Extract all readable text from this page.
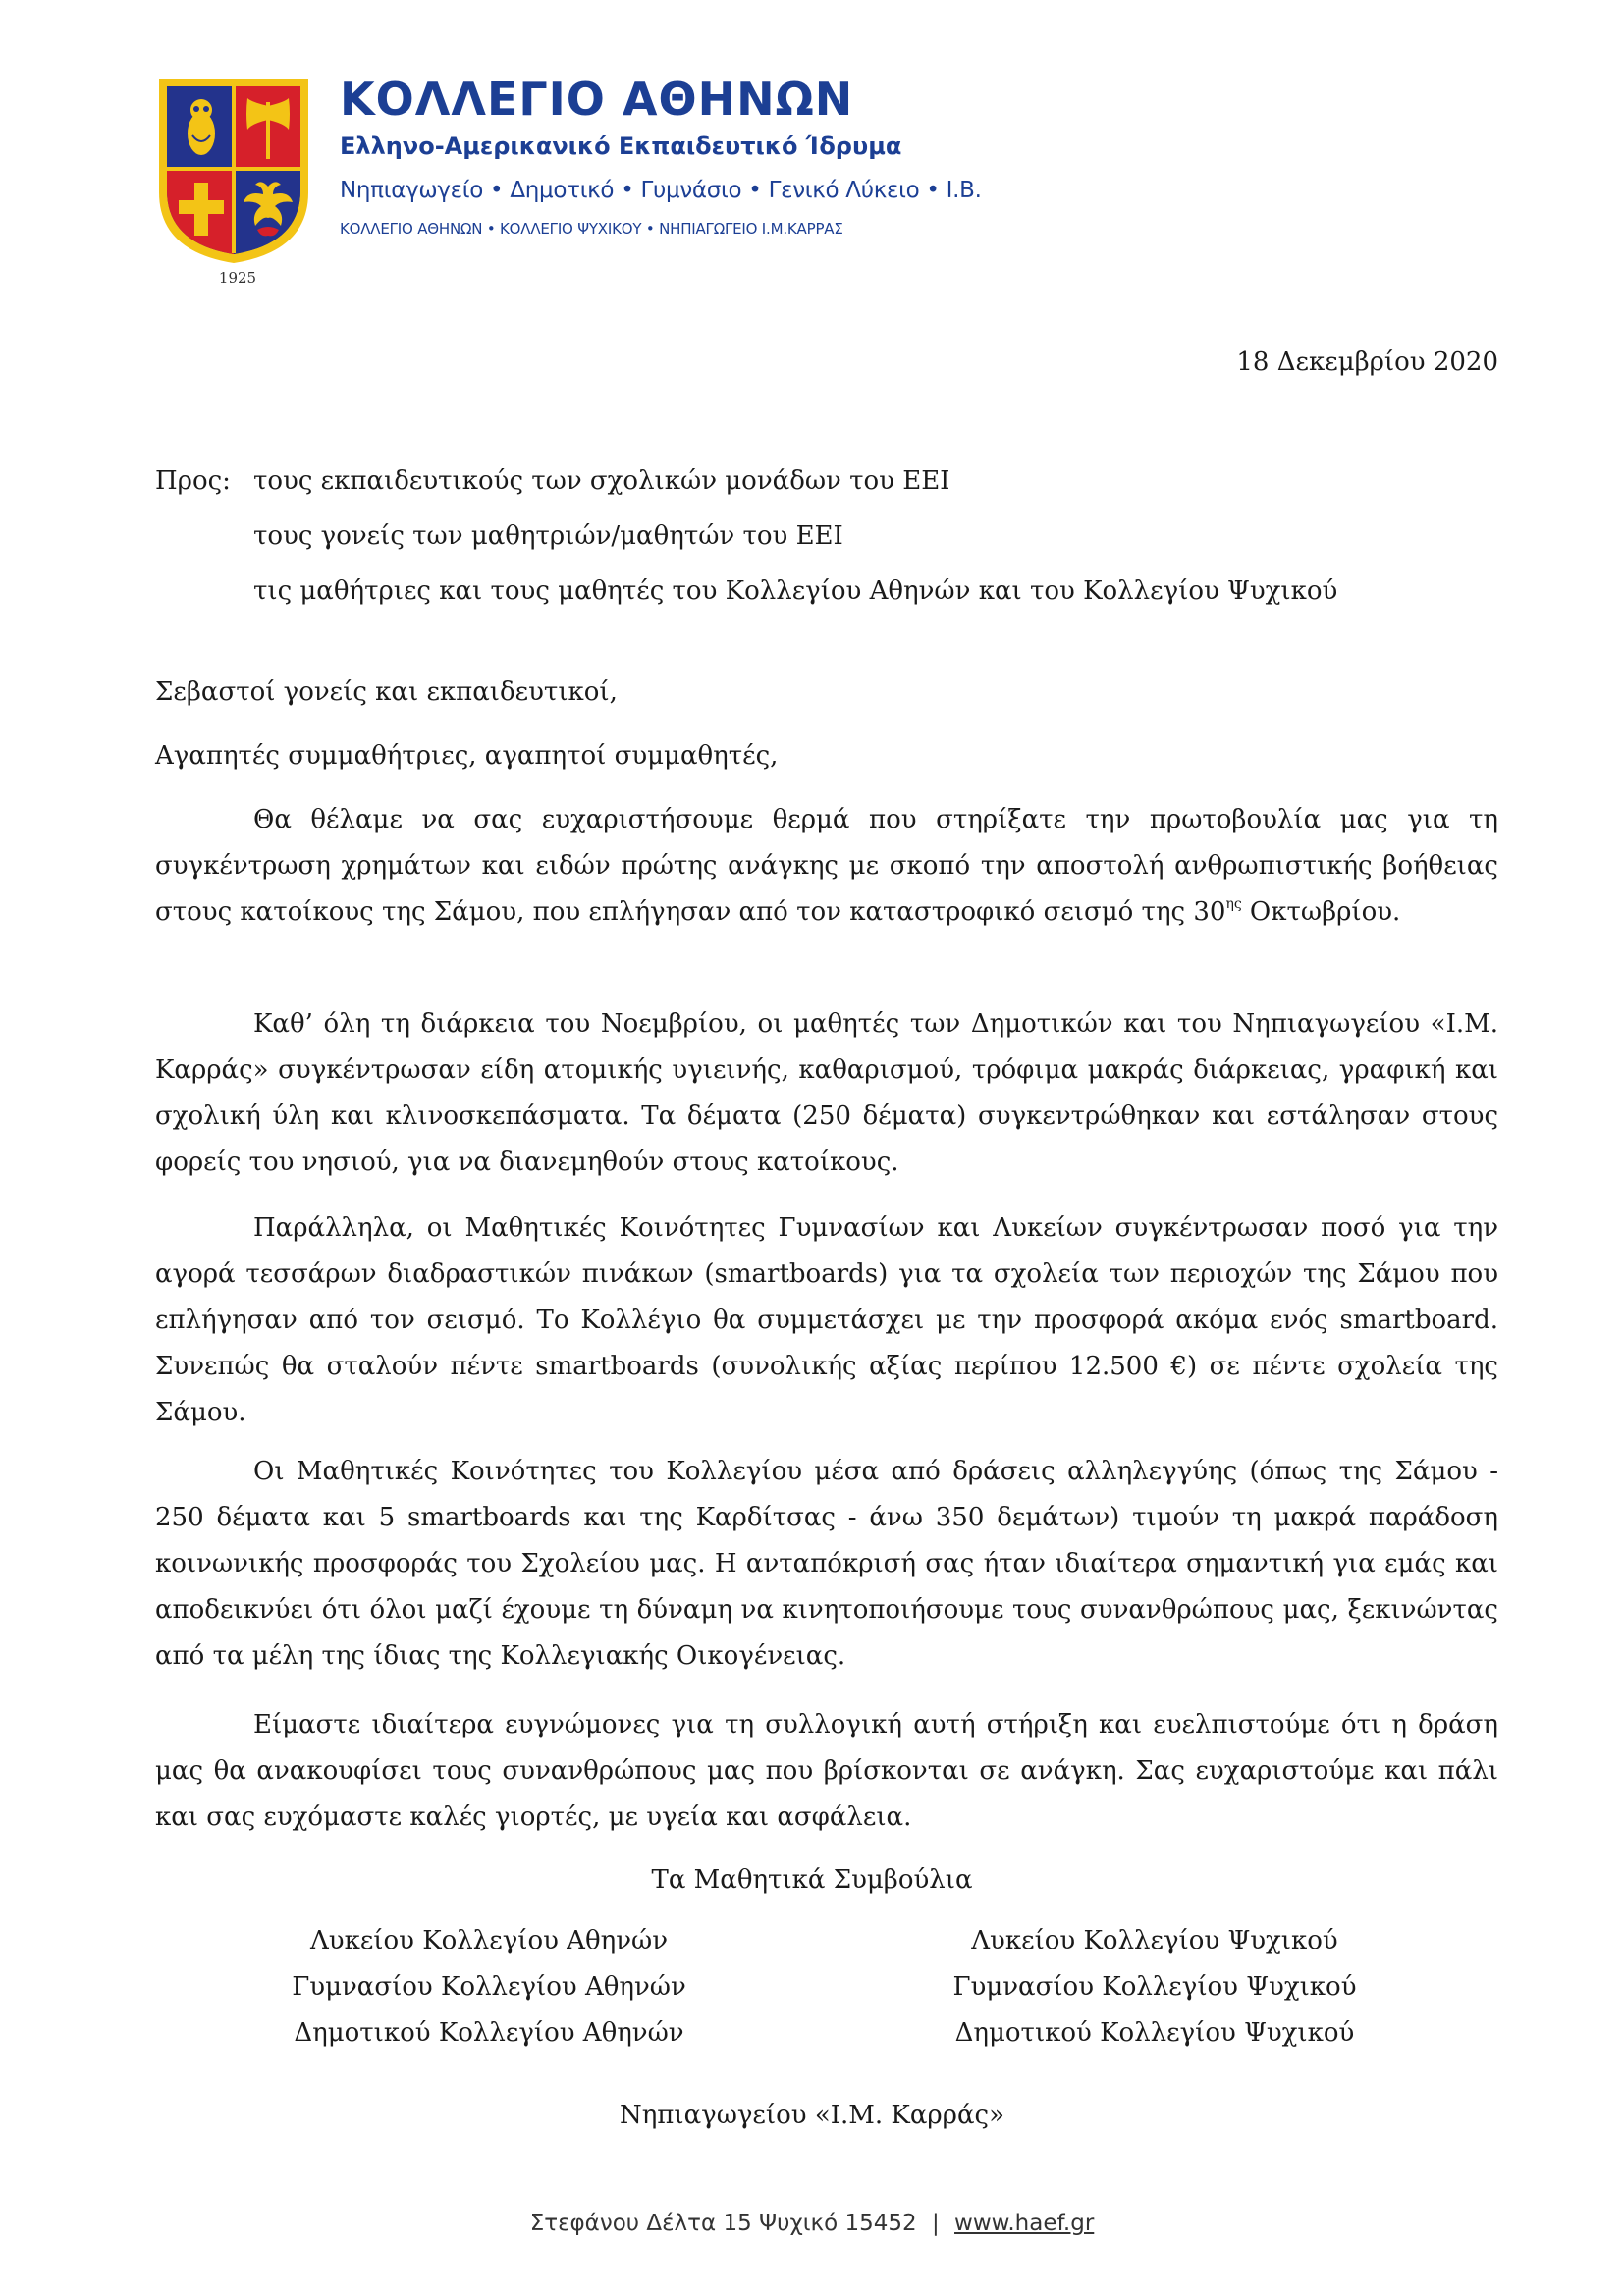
1925
ΚΟΛΛΕΓΙΟ ΑΘΗΝΩΝ
Ελληνο-Αμερικανικό Εκπαιδευτικό Ίδρυμα
Νηπιαγωγείο • Δημοτικό • Γυμνάσιο • Γενικό Λύκειο • Ι.Β.
ΚΟΛΛΕΓΙΟ ΑΘΗΝΩΝ • ΚΟΛΛΕΓΙΟ ΨΥΧΙΚΟΥ • ΝΗΠΙΑΓΩΓΕΙΟ Ι.Μ.ΚΑΡΡΑΣ
18 Δεκεμβρίου 2020
Προς: τους εκπαιδευτικούς των σχολικών μονάδων του ΕΕΙ
τους γονείς των μαθητριών/μαθητών του ΕΕΙ
τις μαθήτριες και τους μαθητές του Κολλεγίου Αθηνών και του Κολλεγίου Ψυχικού
Σεβαστοί γονείς και εκπαιδευτικοί,
Αγαπητές συμμαθήτριες, αγαπητοί συμμαθητές,
Θα θέλαμε να σας ευχαριστήσουμε θερμά που στηρίξατε την πρωτοβουλία μας για τη συγκέντρωση χρημάτων και ειδών πρώτης ανάγκης με σκοπό την αποστολή ανθρωπιστικής βοήθειας στους κατοίκους της Σάμου, που επλήγησαν από τον καταστροφικό σεισμό της $30^{\eta\varsigma}$ Οκτωβρίου.
Καθ’ όλη τη διάρκεια του Νοεμβρίου, οι μαθητές των Δημοτικών και του Νηπιαγωγείου «Ι.Μ. Καρράς» συγκέντρωσαν είδη ατομικής υγιεινής, καθαρισμού, τρόφιμα μακράς διάρκειας, γραφική και σχολική ύλη και κλινοσκεπάσματα. Τα δέματα (250 δέματα) συγκεντρώθηκαν και εστάλησαν στους φορείς του νησιού, για να διανεμηθούν στους κατοίκους.
Παράλληλα, οι Μαθητικές Κοινότητες Γυμνασίων και Λυκείων συγκέντρωσαν ποσό για την αγορά τεσσάρων διαδραστικών πινάκων (smartboards) για τα σχολεία των περιοχών της Σάμου που επλήγησαν από τον σεισμό. Το Κολλέγιο θα συμμετάσχει με την προσφορά ακόμα ενός smartboard. Συνεπώς θα σταλούν πέντε smartboards (συνολικής αξίας περίπου 12.500 €) σε πέντε σχολεία της Σάμου.
Οι Μαθητικές Κοινότητες του Κολλεγίου μέσα από δράσεις αλληλεγγύης (όπως της Σάμου - 250 δέματα και 5 smartboards και της Καρδίτσας - άνω 350 δεμάτων) τιμούν τη μακρά παράδοση κοινωνικής προσφοράς του Σχολείου μας. Η ανταπόκρισή σας ήταν ιδιαίτερα σημαντική για εμάς και αποδεικνύει ότι όλοι μαζί έχουμε τη δύναμη να κινητοποιήσουμε τους συνανθρώπους μας, ξεκινώντας από τα μέλη της ίδιας της Κολλεγιακής Οικογένειας.
Είμαστε ιδιαίτερα ευγνώμονες για τη συλλογική αυτή στήριξη και ευελπιστούμε ότι η δράση μας θα ανακουφίσει τους συνανθρώπους μας που βρίσκονται σε ανάγκη. Σας ευχαριστούμε και πάλι και σας ευχόμαστε καλές γιορτές, με υγεία και ασφάλεια.
Τα Μαθητικά Συμβούλια
Λυκείου Κολλεγίου Αθηνών
Γυμνασίου Κολλεγίου Αθηνών
Δημοτικού Κολλεγίου Αθηνών
Λυκείου Κολλεγίου Ψυχικού
Γυμνασίου Κολλεγίου Ψυχικού
Δημοτικού Κολλεγίου Ψυχικού
Νηπιαγωγείου «Ι.Μ. Καρράς»
Στεφάνου Δέλτα 15 Ψυχικό 15452 | www.haef.gr
